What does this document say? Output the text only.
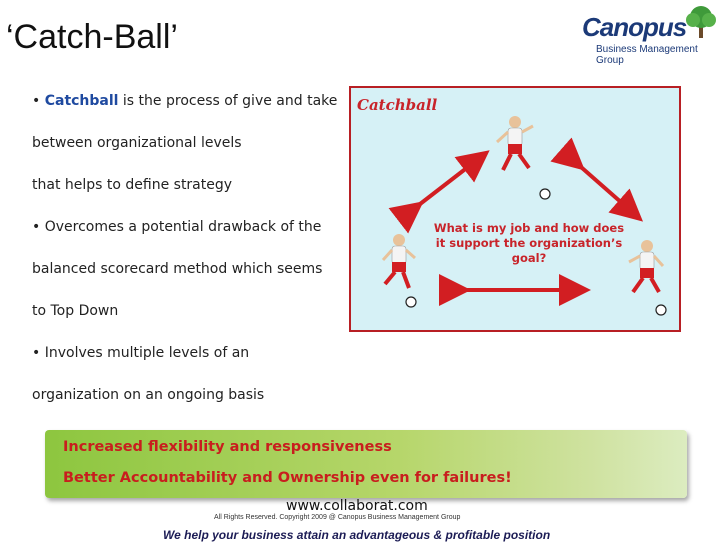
‘Catch-Ball’	Canopus
Business Management Group
• Catchball is the process of give and take
between organizational levels
that helps to define strategy
• Overcomes a potential drawback of the
balanced scorecard method which seems
to Top Down
• Involves multiple levels of an
organization on an ongoing basis
Catchball
What is my job and how does it support the organization’s goal?
Increased flexibility and responsiveness
Better Accountability and Ownership even for failures!
www.collaborat.com
All Rights Reserved. Copyright 2009 @ Canopus Business Management Group
We help your business attain an advantageous & profitable position
